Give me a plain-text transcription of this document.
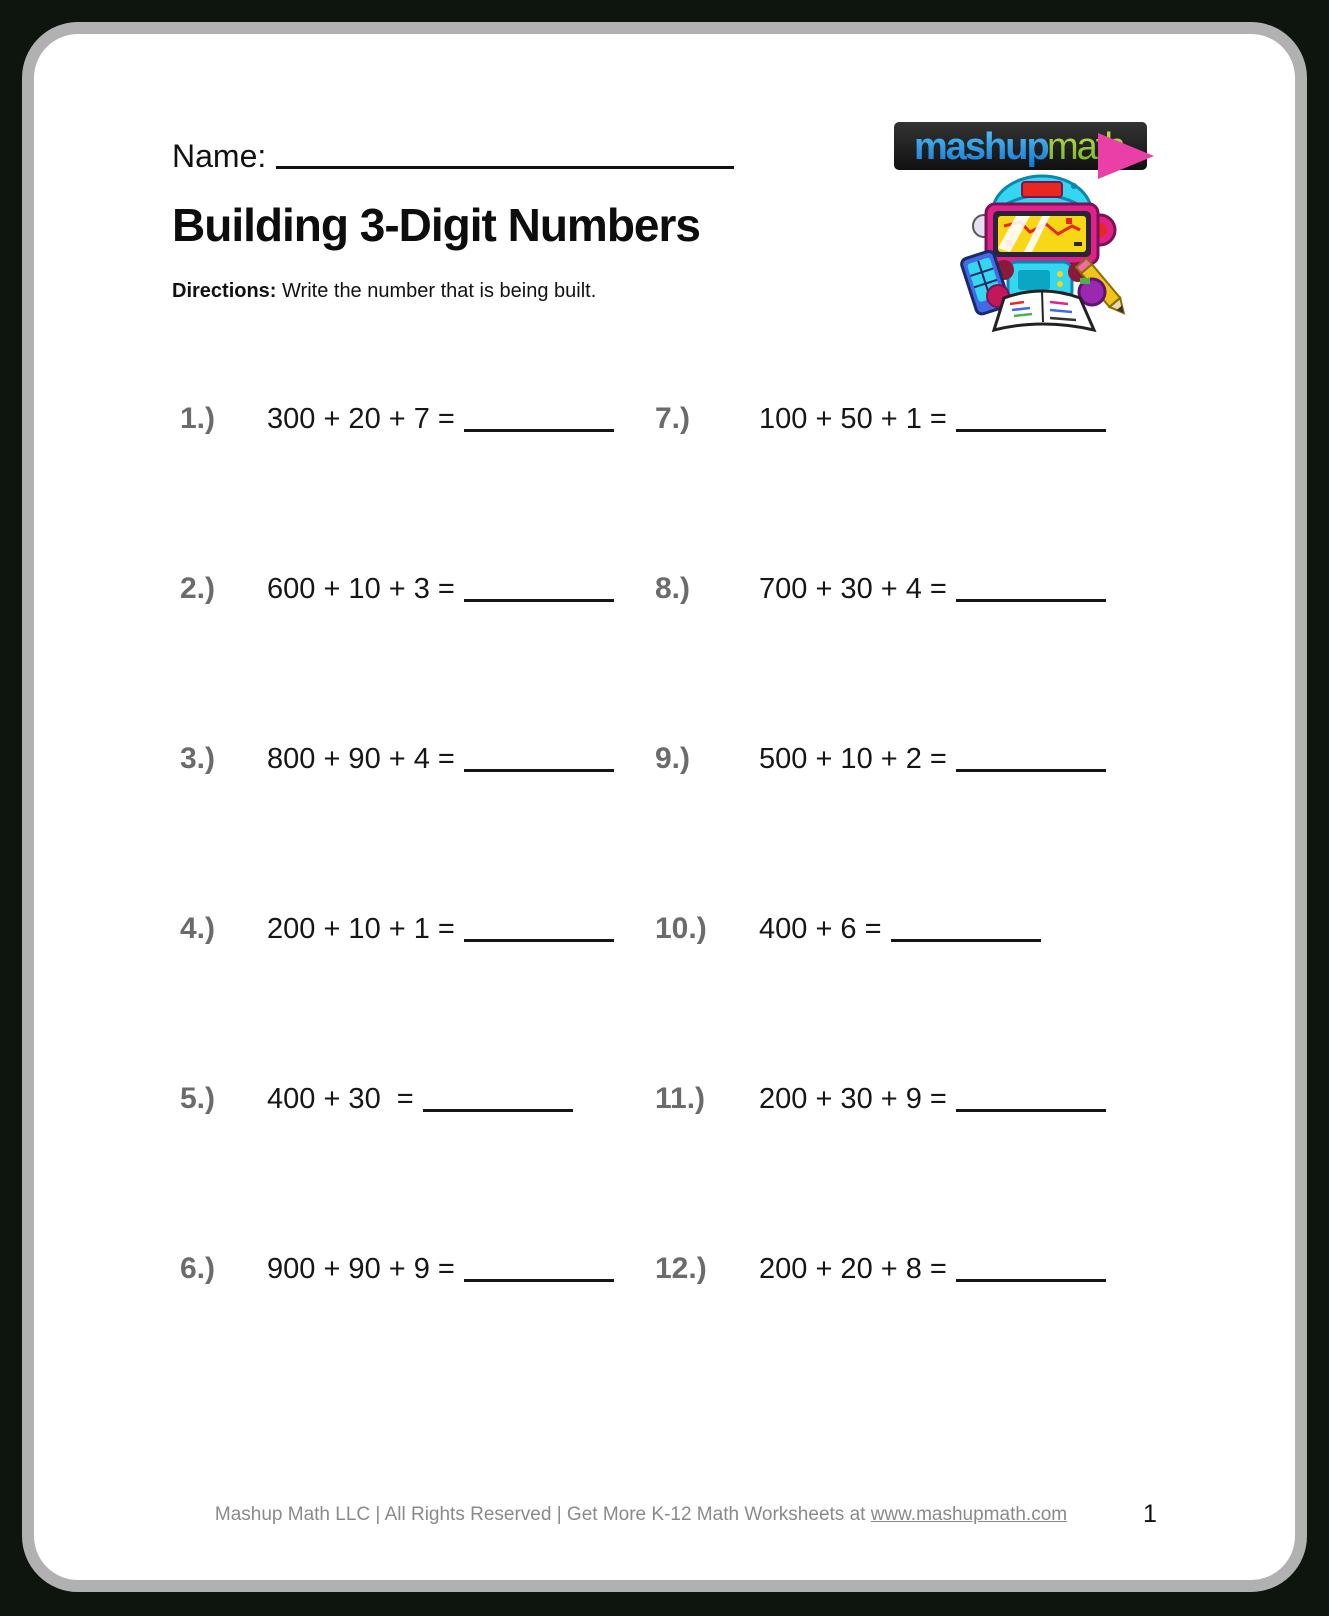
Name:	mashup math
Building 3-Digit Numbers
Directions: Write the number that is being built.
1.) 300 + 20 + 7 =
2.) 600 + 10 + 3 =
3.) 800 + 90 + 4 =
4.) 200 + 10 + 1 =
5.) 400 + 30  =
6.) 900 + 90 + 9 =
7.) 100 + 50 + 1 =
8.) 700 + 30 + 4 =
9.) 500 + 10 + 2 =
10.) 400 + 6 =
11.) 200 + 30 + 9 =
12.) 200 + 20 + 8 =
Mashup Math LLC | All Rights Reserved | Get More K-12 Math Worksheets at www.mashupmath.com	1
